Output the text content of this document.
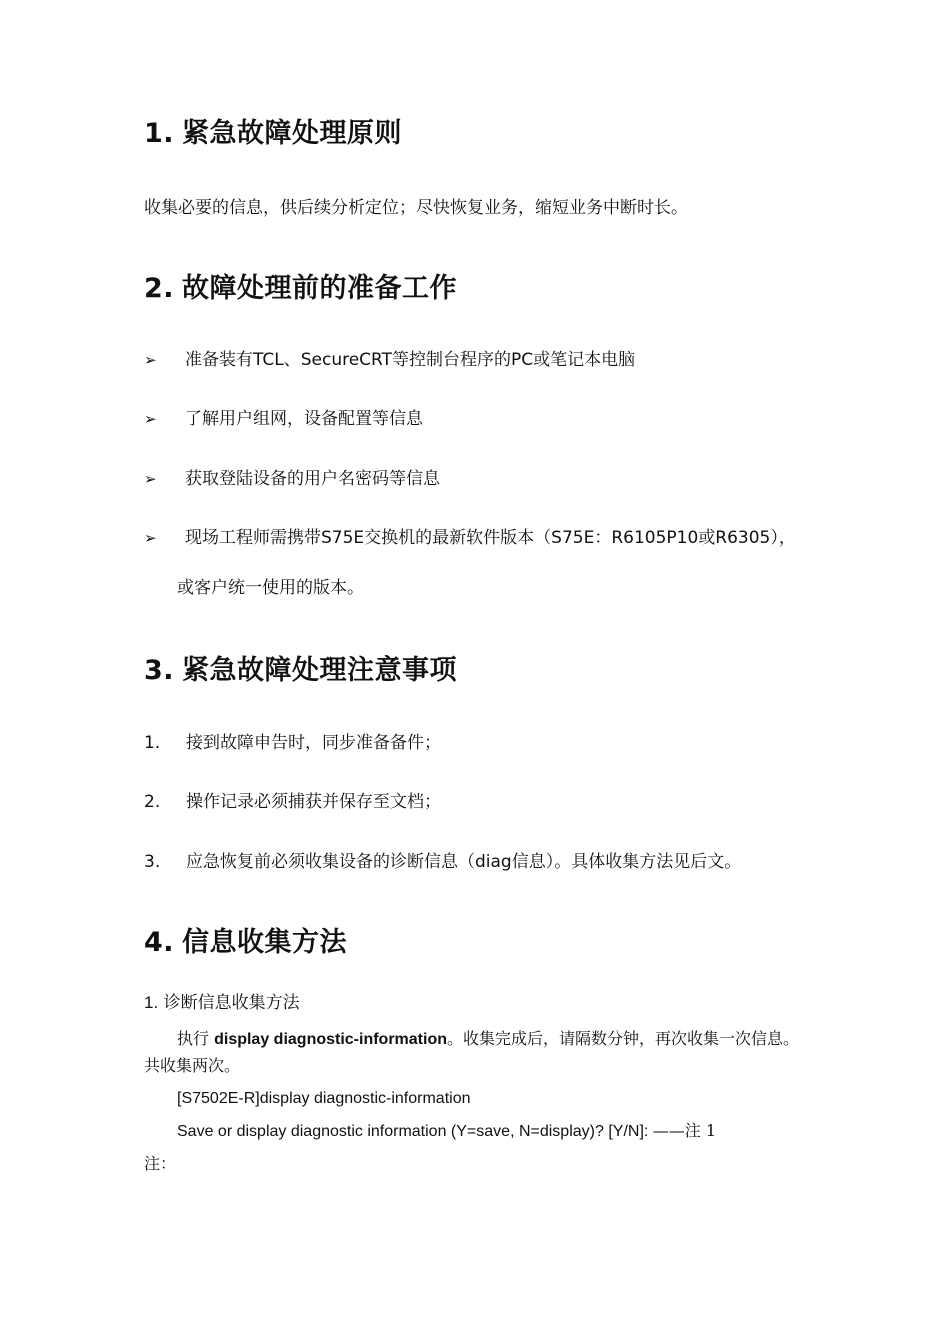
1. 紧急故障处理原则
收集必要的信息，供后续分析定位；尽快恢复业务，缩短业务中断时长。
2. 故障处理前的准备工作
➢ 准备装有TCL、SecureCRT等控制台程序的PC或笔记本电脑
➢ 了解用户组网，设备配置等信息
➢ 获取登陆设备的用户名密码等信息
➢ 现场工程师需携带S75E交换机的最新软件版本（S75E：R6105P10或R6305），
或客户统一使用的版本。
3. 紧急故障处理注意事项
1. 接到故障申告时，同步准备备件；
2. 操作记录必须捕获并保存至文档；
3. 应急恢复前必须收集设备的诊断信息（diag信息）。具体收集方法见后文。
4. 信息收集方法
1. 诊断信息收集方法
执行 display diagnostic-information。收集完成后，请隔数分钟，再次收集一次信息。
共收集两次。
[S7502E-R]display diagnostic-information
Save or display diagnostic information (Y=save, N=display)? [Y/N]: ——注 1
注：
